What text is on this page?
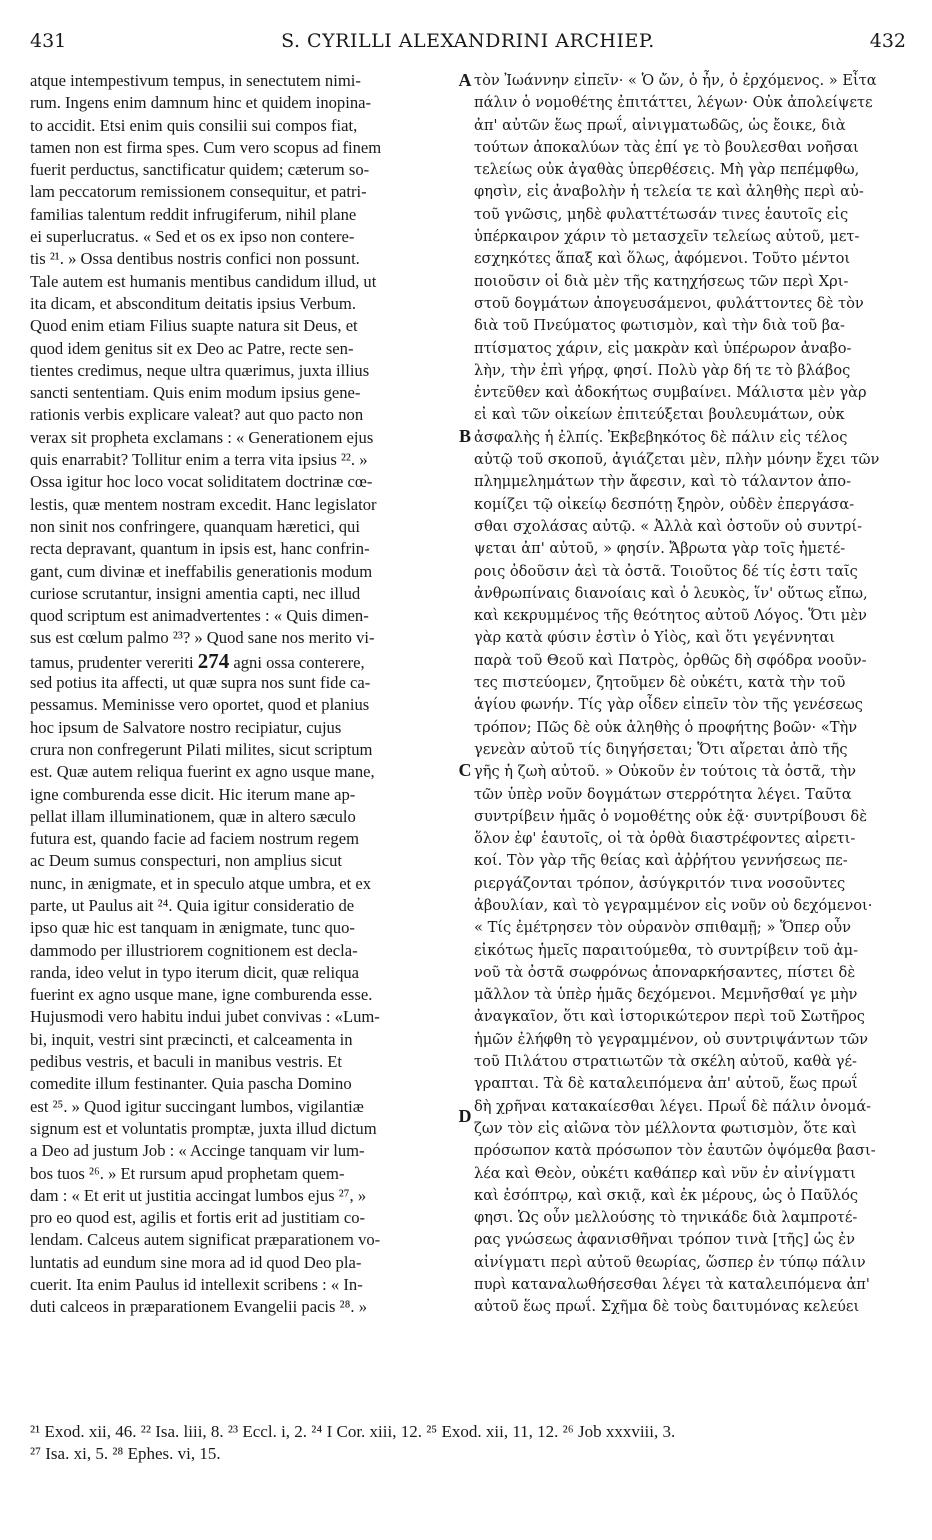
431	S. CYRILLI ALEXANDRINI ARCHIEP.	432
atque intempestivum tempus, in senectutem nimi-
rum. Ingens enim damnum hinc et quidem inopina-
to accidit. Etsi enim quis consilii sui compos fiat,
tamen non est firma spes. Cum vero scopus ad finem
fuerit perductus, sanctificatur quidem; cæterum so-
lam peccatorum remissionem consequitur, et patri-
familias talentum reddit infrugiferum, nihil plane
ei superlucratus. « Sed et os ex ipso non contere-
tis ²¹. » Ossa dentibus nostris confici non possunt.
Tale autem est humanis mentibus candidum illud, ut
ita dicam, et absconditum deitatis ipsius Verbum.
Quod enim etiam Filius suapte natura sit Deus, et
quod idem genitus sit ex Deo ac Patre, recte sen-
tientes credimus, neque ultra quærimus, juxta illius
sancti sententiam. Quis enim modum ipsius gene-
rationis verbis explicare valeat? aut quo pacto non
verax sit propheta exclamans : « Generationem ejus
quis enarrabit? Tollitur enim a terra vita ipsius ²². »
Ossa igitur hoc loco vocat soliditatem doctrinæ cœ-
lestis, quæ mentem nostram excedit. Hanc legislator
non sinit nos confringere, quanquam hæretici, qui
recta depravant, quantum in ipsis est, hanc confrin-
gant, cum divinæ et ineffabilis generationis modum
curiose scrutantur, insigni amentia capti, nec illud
quod scriptum est animadvertentes : « Quis dimen-
sus est cœlum palmo ²³? » Quod sane nos merito vi-
tamus, prudenter vereriti 274 agni ossa conterere,
sed potius ita affecti, ut quæ supra nos sunt fide ca-
pessamus. Meminisse vero oportet, quod et planius
hoc ipsum de Salvatore nostro recipiatur, cujus
crura non confregerunt Pilati milites, sicut scriptum
est. Quæ autem reliqua fuerint ex agno usque mane,
igne comburenda esse dicit. Hic iterum mane ap-
pellat illam illuminationem, quæ in altero sæculo
futura est, quando facie ad faciem nostrum regem
ac Deum sumus conspecturi, non amplius sicut
nunc, in ænigmate, et in speculo atque umbra, et ex
parte, ut Paulus ait ²⁴. Quia igitur consideratio de
ipso quæ hic est tanquam in ænigmate, tunc quo-
dammodo per illustriorem cognitionem est decla-
randa, ideo velut in typo iterum dicit, quæ reliqua
fuerint ex agno usque mane, igne comburenda esse.
Hujusmodi vero habitu indui jubet convivas : «Lum-
bi, inquit, vestri sint præcincti, et calceamenta in
pedibus vestris, et baculi in manibus vestris. Et
comedite illum festinanter. Quia pascha Domino
est ²⁵. » Quod igitur succingant lumbos, vigilantiæ
signum est et voluntatis promptæ, juxta illud dictum
a Deo ad justum Job : « Accinge tanquam vir lum-
bos tuos ²⁶. » Et rursum apud prophetam quem-
dam : « Et erit ut justitia accingat lumbos ejus ²⁷, »
pro eo quod est, agilis et fortis erit ad justitiam co-
lendam. Calceus autem significat præparationem vo-
luntatis ad eundum sine mora ad id quod Deo pla-
cuerit. Ita enim Paulus id intellexit scribens : « In-
duti calceos in præparationem Evangelii pacis ²⁸. »
A
B
C
D
τὸν Ἰωάννην εἰπεῖν· « Ὁ ὤν, ὁ ἦν, ὁ ἐρχόμενος. » Εἶτα
πάλιν ὁ νομοθέτης ἐπιτάττει, λέγων· Οὐκ ἀπολείψετε
ἀπ' αὐτῶν ἕως πρωΐ, αἰνιγματωδῶς, ὡς ἔοικε, διὰ
τούτων ἀποκαλύων τὰς ἐπί γε τὸ βουλεσθαι νοῆσαι
τελείως οὐκ ἀγαθὰς ὑπερθέσεις. Μὴ γὰρ πεπέμφθω,
φησὶν, εἰς ἀναβολὴν ἡ τελεία τε καὶ ἀληθὴς περὶ αὐ-
τοῦ γνῶσις, μηδὲ φυλαττέτωσάν τινες ἑαυτοῖς εἰς
ὑπέρκαιρον χάριν τὸ μετασχεῖν τελείως αὐτοῦ, μετ-
εσχηκότες ἅπαξ καὶ ὅλως, ἀφόμενοι. Τοῦτο μέντοι
ποιοῦσιν οἱ διὰ μὲν τῆς κατηχήσεως τῶν περὶ Χρι-
στοῦ δογμάτων ἀπογευσάμενοι, φυλάττοντες δὲ τὸν
διὰ τοῦ Πνεύματος φωτισμὸν, καὶ τὴν διὰ τοῦ βα-
πτίσματος χάριν, εἰς μακρὰν καὶ ὑπέρωρον ἀναβο-
λὴν, τὴν ἐπὶ γήρᾳ, φησί. Πολὺ γὰρ δή τε τὸ βλάβος
ἐντεῦθεν καὶ ἀδοκήτως συμβαίνει. Μάλιστα μὲν γὰρ
εἰ καὶ τῶν οἰκείων ἐπιτεύξεται βουλευμάτων, οὐκ
ἀσφαλὴς ἡ ἐλπίς. Ἐκβεβηκότος δὲ πάλιν εἰς τέλος
αὐτῷ τοῦ σκοποῦ, ἁγιάζεται μὲν, πλὴν μόνην ἔχει τῶν
πλημμελημάτων τὴν ἄφεσιν, καὶ τὸ τάλαντον ἀπο-
κομίζει τῷ οἰκείῳ δεσπότῃ ξηρὸν, οὐδὲν ἐπεργάσα-
σθαι σχολάσας αὐτῷ. « Ἀλλὰ καὶ ὀστοῦν οὐ συντρί-
ψεται ἀπ' αὐτοῦ, » φησίν. Ἄβρωτα γὰρ τοῖς ἡμετέ-
ροις ὀδοῦσιν ἀεὶ τὰ ὀστᾶ. Τοιοῦτος δέ τίς ἐστι ταῖς
ἀνθρωπίναις διανοίαις καὶ ὁ λευκὸς, ἵν' οὕτως εἴπω,
καὶ κεκρυμμένος τῆς θεότητος αὐτοῦ Λόγος. Ὅτι μὲν
γὰρ κατὰ φύσιν ἐστὶν ὁ Υἱὸς, καὶ ὅτι γεγέννηται
παρὰ τοῦ Θεοῦ καὶ Πατρὸς, ὀρθῶς δὴ σφόδρα νοοῦν-
τες πιστεύομεν, ζητοῦμεν δὲ οὐκέτι, κατὰ τὴν τοῦ
ἁγίου φωνήν. Τίς γὰρ οἶδεν εἰπεῖν τὸν τῆς γενέσεως
τρόπον; Πῶς δὲ οὐκ ἀληθὴς ὁ προφήτης βοῶν· «Τὴν
γενεὰν αὐτοῦ τίς διηγήσεται; Ὅτι αἴρεται ἀπὸ τῆς
γῆς ἡ ζωὴ αὐτοῦ. » Οὐκοῦν ἐν τούτοις τὰ ὀστᾶ, τὴν
τῶν ὑπὲρ νοῦν δογμάτων στερρότητα λέγει. Ταῦτα
συντρίβειν ἡμᾶς ὁ νομοθέτης οὐκ ἐᾷ· συντρίβουσι δὲ
ὅλον ἐφ' ἑαυτοῖς, οἱ τὰ ὀρθὰ διαστρέφοντες αἱρετι-
κοί. Τὸν γὰρ τῆς θείας καὶ ἀῤῥήτου γεννήσεως πε-
ριεργάζονται τρόπον, ἀσύγκριτόν τινα νοσοῦντες
ἀβουλίαν, καὶ τὸ γεγραμμένον εἰς νοῦν οὐ δεχόμενοι·
« Τίς ἐμέτρησεν τὸν οὐρανὸν σπιθαμῇ; » Ὅπερ οὖν
εἰκότως ἡμεῖς παραιτούμεθα, τὸ συντρίβειν τοῦ ἀμ-
νοῦ τὰ ὀστᾶ σωφρόνως ἀποναρκήσαντες, πίστει δὲ
μᾶλλον τὰ ὑπὲρ ἡμᾶς δεχόμενοι. Μεμνῆσθαί γε μὴν
ἀναγκαῖον, ὅτι καὶ ἱστορικώτερον περὶ τοῦ Σωτῆρος
ἡμῶν ἐλήφθη τὸ γεγραμμένον, οὐ συντριψάντων τῶν
τοῦ Πιλάτου στρατιωτῶν τὰ σκέλη αὐτοῦ, καθὰ γέ-
γραπται. Τὰ δὲ καταλειπόμενα ἀπ' αὐτοῦ, ἕως πρωΐ
δὴ χρῆναι κατακαίεσθαι λέγει. Πρωΐ δὲ πάλιν ὀνομά-
ζων τὸν εἰς αἰῶνα τὸν μέλλοντα φωτισμὸν, ὅτε καὶ
πρόσωπον κατὰ πρόσωπον τὸν ἑαυτῶν ὀψόμεθα βασι-
λέα καὶ Θεὸν, οὐκέτι καθάπερ καὶ νῦν ἐν αἰνίγματι
καὶ ἐσόπτρῳ, καὶ σκιᾷ, καὶ ἐκ μέρους, ὡς ὁ Παῦλός
φησι. Ὡς οὖν μελλούσης τὸ τηνικάδε διὰ λαμπροτέ-
ρας γνώσεως ἀφανισθῆναι τρόπον τινὰ [τῆς] ὡς ἐν
αἰνίγματι περὶ αὐτοῦ θεωρίας, ὥσπερ ἐν τύπῳ πάλιν
πυρὶ καταναλωθήσεσθαι λέγει τὰ καταλειπόμενα ἀπ'
αὐτοῦ ἕως πρωΐ. Σχῆμα δὲ τοὺς δαιτυμόνας κελεύει
²¹ Exod. xii, 46. ²² Isa. liii, 8. ²³ Eccl. i, 2. ²⁴ I Cor. xiii, 12. ²⁵ Exod. xii, 11, 12. ²⁶ Job xxxviii, 3.
²⁷ Isa. xi, 5. ²⁸ Ephes. vi, 15.
